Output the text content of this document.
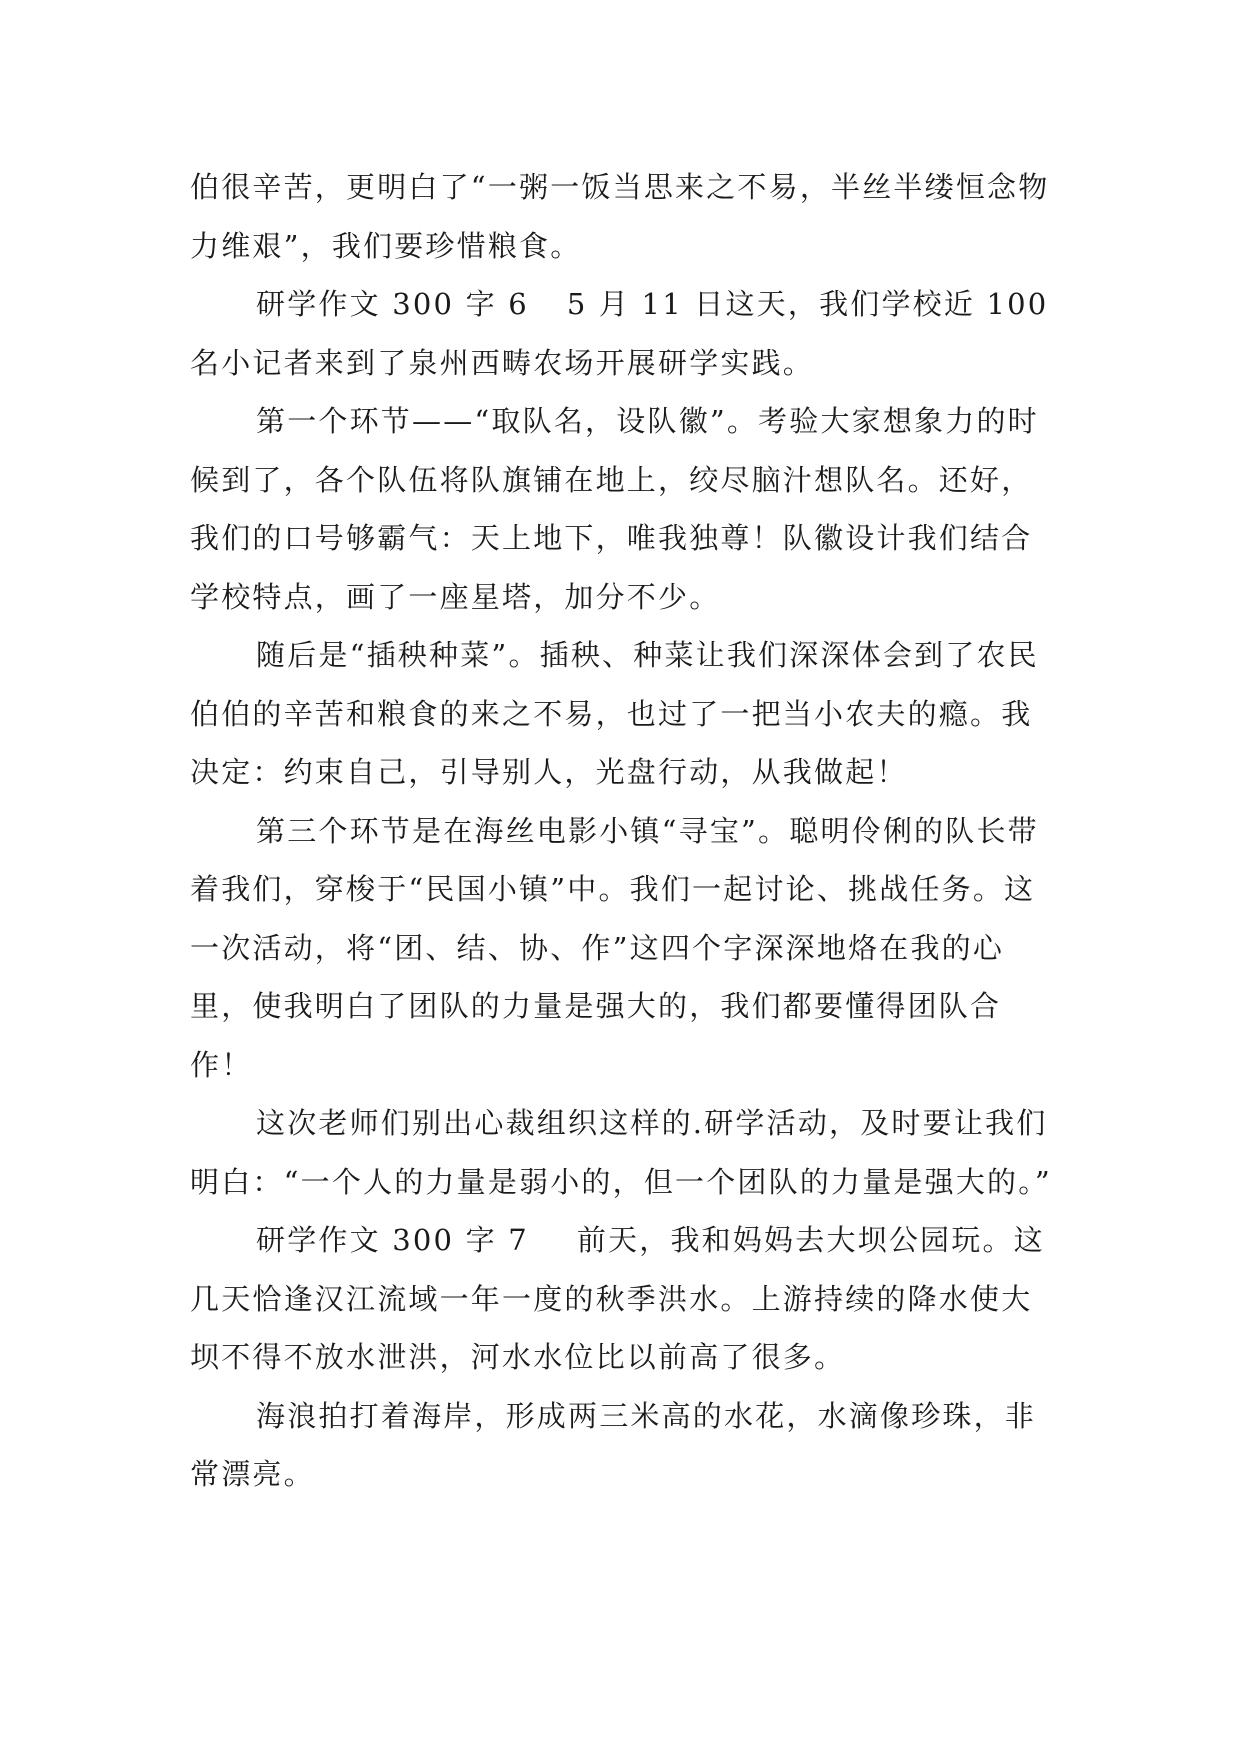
伯很辛苦，更明白了“一粥一饭当思来之不易，半丝半缕恒念物力维艰”，我们要珍惜粮食。

研学作文 300 字 6 5 月 11 日这天，我们学校近 100 名小记者来到了泉州西畴农场开展研学实践。

第一个环节——“取队名，设队徽”。考验大家想象力的时候到了，各个队伍将队旗铺在地上，绞尽脑汁想队名。还好，我们的口号够霸气：天上地下，唯我独尊！队徽设计我们结合学校特点，画了一座星塔，加分不少。

随后是“插秧种菜”。插秧、种菜让我们深深体会到了农民伯伯的辛苦和粮食的来之不易，也过了一把当小农夫的瘾。我决定：约束自己，引导别人，光盘行动，从我做起！

第三个环节是在海丝电影小镇“寻宝”。聪明伶俐的队长带着我们，穿梭于“民国小镇”中。我们一起讨论、挑战任务。这一次活动，将“团、结、协、作”这四个字深深地烙在我的心里，使我明白了团队的力量是强大的，我们都要懂得团队合作！

这次老师们别出心裁组织这样的.研学活动，及时要让我们明白：“一个人的力量是弱小的，但一个团队的力量是强大的。”

研学作文 300 字 7 前天，我和妈妈去大坝公园玩。这几天恰逢汉江流域一年一度的秋季洪水。上游持续的降水使大坝不得不放水泄洪，河水水位比以前高了很多。

海浪拍打着海岸，形成两三米高的水花，水滴像珍珠，非常漂亮。
